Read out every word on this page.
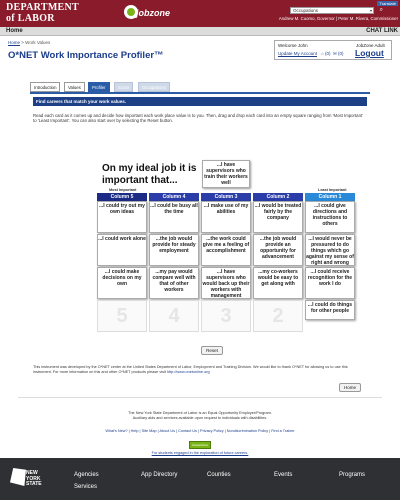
DEPARTMENT
of LABOR	jobzone
Translate
Occupations ▾	⌕
Andrew M. Cuomo, Governor | Peter M. Rivera, Commissioner
Home	CHAT LINK
Home > Work Values
O*NET Work Importance Profiler™
Welcome John	JobZone Adult
Update My Account ⌂ (0) ✉ (0) Logout
Introduction	Values	Profiler	Score	Occupations
Find careers that match your work values.
Read each card as it comes up and decide how important each work place value is to you. Then, drag and drop each card into an empty square ranging from 'Most Important' to 'Least Important'. You can also start over by selecting the Reset button.
On my ideal job it is important that...
...I have supervisors who train their workers well
Most Important	Least Important
Column 5	Column 4	Column 3	Column 2	Column 1
...I could try out my own ideas
...I could be busy all the time
...I make use of my abilities
...I would be treated fairly by the company
...I could give directions and instructions to others
...I could work alone	...the job would provide for steady employment
...the work could give me a feeling of accomplishment
...the job would provide an opportunity for advancement
...I would never be pressured to do things which go against my sense of right and wrong
...I could make decisions on my own
...my pay would compare well with that of other workers
...I have supervisors who would back up their workers with management
...my co-workers would be easy to get along with
...I could receive recognition for the work I do
5	4	3	2	...I could do things for other people
Reset
This instrument was developed by the O*NET center at the United States Department of Labor, Employment and Training Division. We would like to thank O*NET for allowing us to use this instrument. For more information on this and other O*NET products please visit http://www.onetonline.org
Home
The New York State Department of Labor is an Equal Opportunity Employer/Program.
Auxiliary aids and services available upon request to individuals with disabilities.
What's New? | Help | Site Map | About Us | Contact Us | Privacy Policy | Nondiscrimination Policy | Find a Trainer
CareerZone
For students engaged in the exploration of future careers.
NEW
YORK
STATE
Agencies	App Directory	Counties	Events	Programs
Services
